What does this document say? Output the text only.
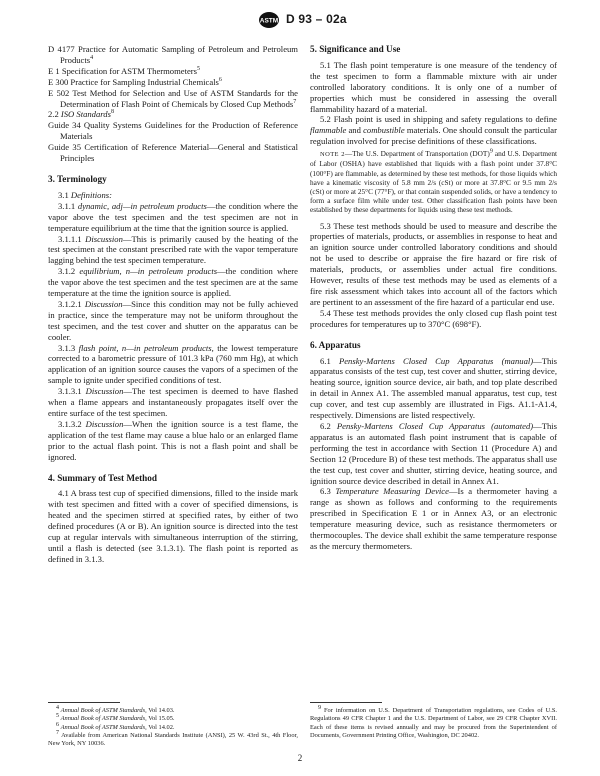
ASTM D 93 – 02a

D 4177 Practice for Automatic Sampling of Petroleum and Petroleum Products$^4$

E 1 Specification for ASTM Thermometers$^5$

E 300 Practice for Sampling Industrial Chemicals$^6$

E 502 Test Method for Selection and Use of ASTM Standards for the Determination of Flash Point of Chemicals by Closed Cup Methods$^7$

2.2 ISO Standards$^8$

Guide 34 Quality Systems Guidelines for the Production of Reference Materials

Guide 35 Certification of Reference Material—General and Statistical Principles

3. Terminology

3.1 Definitions:

3.1.1 dynamic, adj—in petroleum products—the condition where the vapor above the test specimen and the test specimen are not in temperature equilibrium at the time that the ignition source is applied.

3.1.1.1 Discussion—This is primarily caused by the heating of the test specimen at the constant prescribed rate with the vapor temperature lagging behind the test specimen temperature.

3.1.2 equilibrium, n—in petroleum products—the condition where the vapor above the test specimen and the test specimen are at the same temperature at the time the ignition source is applied.

3.1.2.1 Discussion—Since this condition may not be fully achieved in practice, since the temperature may not be uniform throughout the test specimen, and the test cover and shutter on the apparatus can be cooler.

3.1.3 flash point, n—in petroleum products, the lowest temperature corrected to a barometric pressure of 101.3 kPa (760 mm Hg), at which application of an ignition source causes the vapors of a specimen of the sample to ignite under specified conditions of test.

3.1.3.1 Discussion—The test specimen is deemed to have flashed when a flame appears and instantaneously propagates itself over the entire surface of the test specimen.

3.1.3.2 Discussion—When the ignition source is a test flame, the application of the test flame may cause a blue halo or an enlarged flame prior to the actual flash point. This is not a flash point and shall be ignored.

4. Summary of Test Method

4.1 A brass test cup of specified dimensions, filled to the inside mark with test specimen and fitted with a cover of specified dimensions, is heated and the specimen stirred at specified rates, by either of two defined procedures (A or B). An ignition source is directed into the test cup at regular intervals with simultaneous interruption of the stirring, until a flash is detected (see 3.1.3.1). The flash point is reported as defined in 3.1.3.

5. Significance and Use

5.1 The flash point temperature is one measure of the tendency of the test specimen to form a flammable mixture with air under controlled laboratory conditions. It is only one of a number of properties which must be considered in assessing the overall flammability hazard of a material.

5.2 Flash point is used in shipping and safety regulations to define flammable and combustible materials. One should consult the particular regulation involved for precise definitions of these classifications.

NOTE 2—The U.S. Department of Transportation (DOT)$^9$ and U.S. Department of Labor (OSHA) have established that liquids with a flash point under 37.8°C (100°F) are flammable, as determined by these test methods, for those liquids which have a kinematic viscosity of 5.8 mm 2/s (cSt) or more at 37.8°C or 9.5 mm 2/s (cSt) or more at 25°C (77°F), or that contain suspended solids, or have a tendency to form a surface film while under test. Other classification flash points have been established by these departments for liquids using these test methods.

5.3 These test methods should be used to measure and describe the properties of materials, products, or assemblies in response to heat and an ignition source under controlled laboratory conditions and should not be used to describe or appraise the fire hazard or fire risk of materials, products, or assemblies under actual fire conditions. However, results of these test methods may be used as elements of a fire risk assessment which takes into account all of the factors which are pertinent to an assessment of the fire hazard of a particular end use.

5.4 These test methods provides the only closed cup flash point test procedures for temperatures up to 370°C (698°F).

6. Apparatus

6.1 Pensky-Martens Closed Cup Apparatus (manual)—This apparatus consists of the test cup, test cover and shutter, stirring device, heating source, ignition source device, air bath, and top plate described in detail in Annex A1. The assembled manual apparatus, test cup, test cup cover, and test cup assembly are illustrated in Figs. A1.1-A1.4, respectively. Dimensions are listed respectively.

6.2 Pensky-Martens Closed Cup Apparatus (automated)—This apparatus is an automated flash point instrument that is capable of performing the test in accordance with Section 11 (Procedure A) and Section 12 (Procedure B) of these test methods. The apparatus shall use the test cup, test cover and shutter, stirring device, heating source, and ignition source device described in detail in Annex A1.

6.3 Temperature Measuring Device—Is a thermometer having a range as shown as follows and conforming to the requirements prescribed in Specification E 1 or in Annex A3, or an electronic temperature measuring device, such as resistance thermometers or thermocouples. The device shall exhibit the same temperature response as the mercury thermometers.

$^4$ Annual Book of ASTM Standards, Vol 14.03.

$^5$ Annual Book of ASTM Standards, Vol 15.05.

$^6$ Annual Book of ASTM Standards, Vol 14.02.

$^7$ Available from American National Standards Institute (ANSI), 25 W. 43rd St., 4th Floor, New York, NY 10036.

$^9$ For information on U.S. Department of Transportation regulations, see Codes of U.S. Regulations 49 CFR Chapter 1 and the U.S. Department of Labor, see 29 CFR Chapter XVII. Each of these items is revised annually and may be procured from the Superintendent of Documents, Government Printing Office, Washington, DC 20402.

2
